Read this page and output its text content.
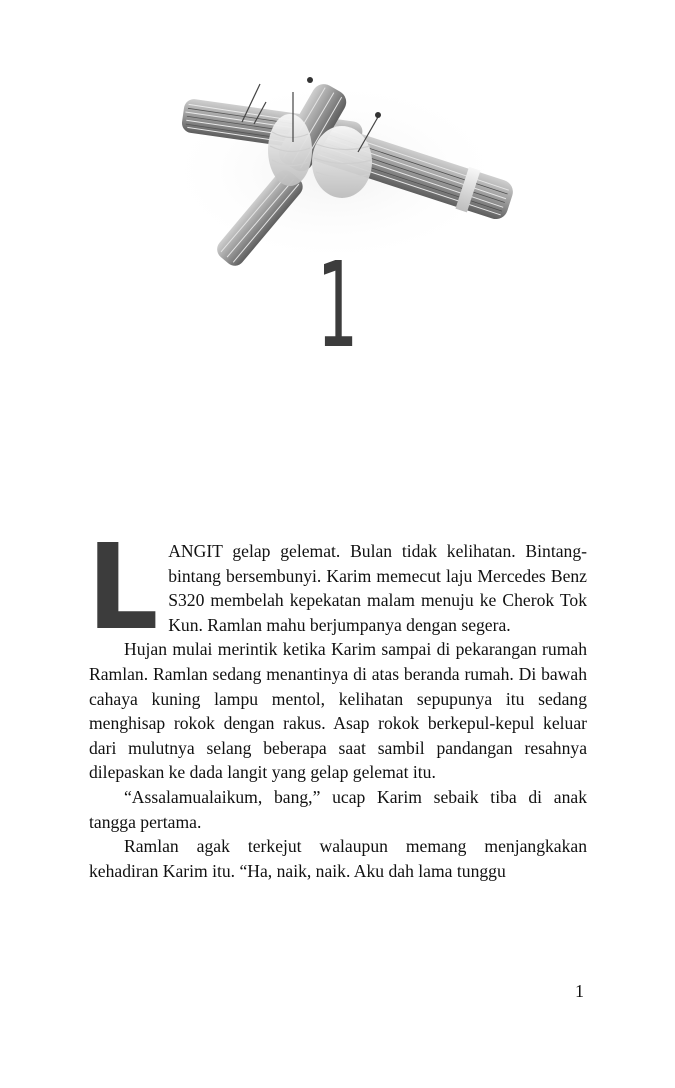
1

LANGIT gelap gelemat. Bulan tidak kelihatan. Bintang-bintang bersembunyi. Karim memecut laju Mercedes Benz S320 membelah kepekatan malam menuju ke Cherok Tok Kun. Ramlan mahu berjumpanya dengan segera.

Hujan mulai merintik ketika Karim sampai di pekarangan rumah Ramlan. Ramlan sedang menantinya di atas beranda rumah. Di bawah cahaya kuning lampu mentol, kelihatan sepupunya itu sedang menghisap rokok dengan rakus. Asap rokok berkepul-kepul keluar dari mulutnya selang beberapa saat sambil pandangan resahnya dilepaskan ke dada langit yang gelap gelemat itu.

“Assalamualaikum, bang,” ucap Karim sebaik tiba di anak tangga pertama.

Ramlan agak terkejut walaupun memang menjangkakan kehadiran Karim itu. “Ha, naik, naik. Aku dah lama tunggu

1
